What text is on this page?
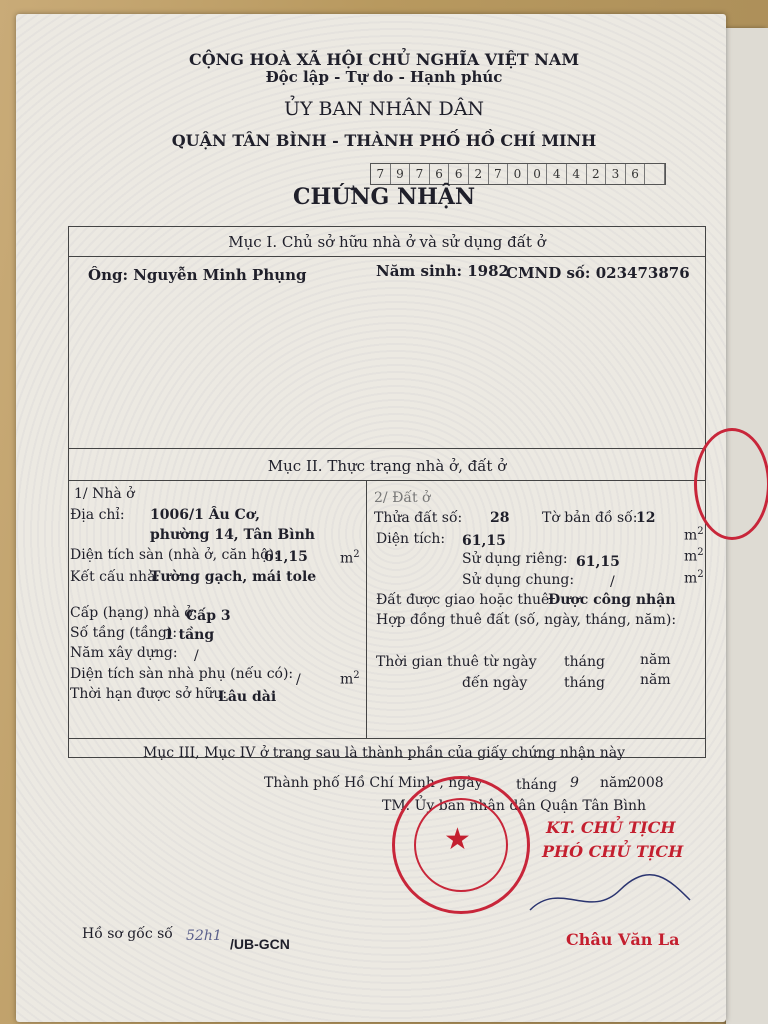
CỘNG HOÀ XÃ HỘI CHỦ NGHĨA VIỆT NAM
Độc lập - Tự do - Hạnh phúc
ỦY BAN NHÂN DÂN
QUẬN TÂN BÌNH - THÀNH PHỐ HỒ CHÍ MINH
7 9 7 6 6 2 7 0 0 4 4 2 3 6
CHỨNG NHẬN
Mục I. Chủ sở hữu nhà ở và sử dụng đất ở
Ông: Nguyễn Minh Phụng	Năm sinh: 1982
CMND số: 023473876
Mục II. Thực trạng nhà ở, đất ở
1/ Nhà ở
Địa chỉ: 1006/1 Âu Cơ,
phường 14, Tân Bình
Diện tích sàn (nhà ở, căn hộ):
61,15 $m^2$
Kết cấu nhà:
Tường gạch, mái tole
Cấp (hạng) nhà ở:
Cấp 3
Số tầng (tầng):
1 tầng
Năm xây dựng: /
Diện tích sàn nhà phụ (nếu có): /	$m^2$
Thời hạn được sở hữu:
Lâu dài
2/ Đất ở
Thửa đất số: 28 Tờ bản đồ số:
12
$m^2$
Diện tích: 61,15
Sử dụng riêng: 61,15	$m^2$
Sử dụng chung:	/	$m^2$
Đất được giao hoặc thuê:
Được công nhận
Hợp đồng thuê đất (số, ngày, tháng, năm):
Thời gian thuê từ ngày tháng	năm
đến ngày	tháng	năm
Mục III, Mục IV ở trang sau là thành phần của giấy chứng nhận này
Thành phố Hồ Chí Minh , ngày tháng 9 năm
2008
TM. Ủy ban nhân dân Quận Tân Bình
★	KT. CHỦ TỊCH
PHÓ CHỦ TỊCH
Châu Văn La
Hồ sơ gốc số 52h1 /UB-GCN
